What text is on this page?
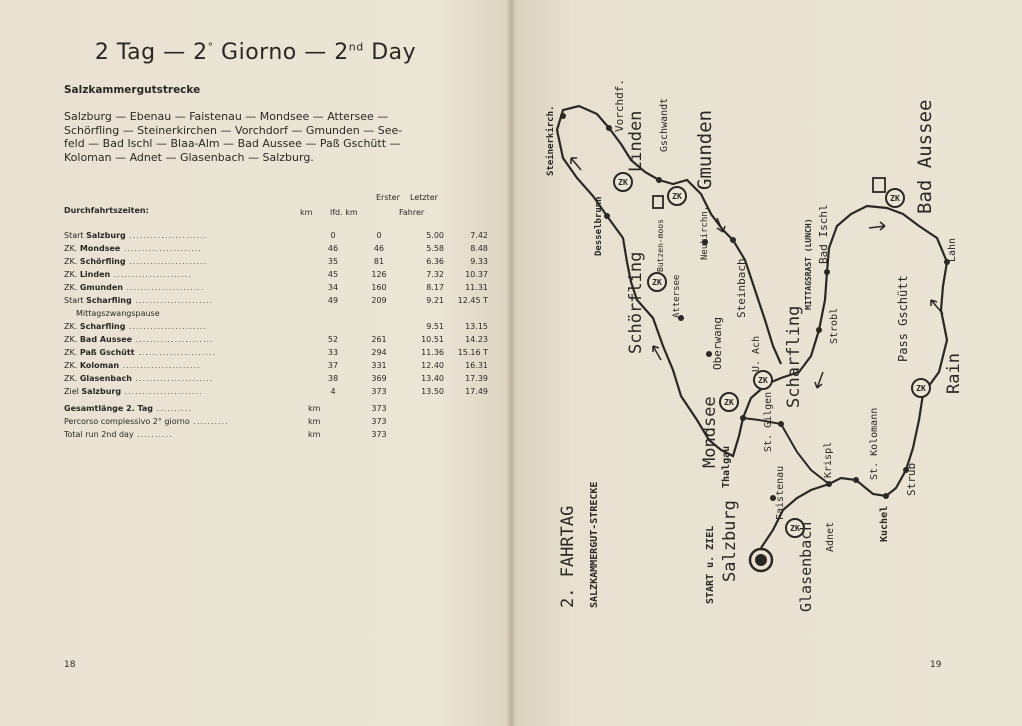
2 Tag — 2° Giorno — 2nd Day
Salzkammergutstrecke
Salzburg — Ebenau — Faistenau — Mondsee — Attersee —
Schörfling — Steinerkirchen — Vorchdorf — Gmunden — See-
feld — Bad Ischl — Blaa-Alm — Bad Aussee — Paß Gschütt —
Koloman — Adnet — Glasenbach — Salzburg.
Erster Letzter
Durchfahrtszeiten:	km lfd. km	Fahrer
Start Salzburg ......................	0	0	5.00	7.42
ZK. Mondsee ......................	46	46	5.58	8.48
ZK. Schörfling ......................	35	81	6.36	9.33
ZK. Linden ......................	45	126	7.32	10.37
ZK. Gmunden ......................	34	160	8.17	11.31
Start Scharfling ......................	49	209	9.21	12.45 T
Mittagszwangspause				
ZK. Scharfling ......................			9.51	13.15
ZK. Bad Aussee ......................	52	261	10.51	14.23
ZK. Paß Gschütt ......................	33	294	11.36	15.16 T
ZK. Koloman ......................	37	331	12.40	16.31
ZK. Glasenbach ......................	38	369	13.40	17.39
Ziel Salzburg ......................	4	373	13.50	17.49
Gesamtlänge 2. Tag ..........	km	373		
Percorso complessivo 2° giorno ..........	km	373		
Total run 2nd day ..........	km	373		
18	19
ZK
ZK
ZK
ZK
ZK
ZK	ZK
ZK
2. FAHRTAG SALZKAMMERGUT-STRECKE	START u. ZIEL Salzburg	Glasenbach Adnet	Kuchel
Strub
St. Kolomann
Rain
Pass Gschütt
Lahn
Bad Aussee
Bad Ischl
Strobl
Scharfling
MITTAGSRAST (LUNCH)
St. Gilgen
Krispl
Faistenau
Thalgau
Mondsee
Oberwang	U. Ach
Steinbach
Attersee
Butzen-moos	Neukirchn.
Schörfling
Desselbrunn
Steinerkirch.
Vorchdf.
Linden Gschwandt Gmunden
